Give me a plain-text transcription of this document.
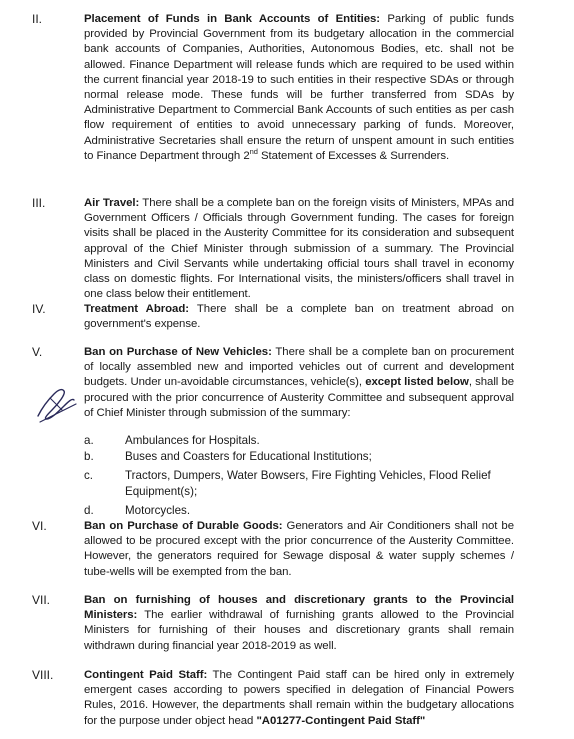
II.	Placement of Funds in Bank Accounts of Entities: Parking of public funds provided by Provincial Government from its budgetary allocation in the commercial bank accounts of Companies, Authorities, Autonomous Bodies, etc. shall not be allowed. Finance Department will release funds which are required to be used within the current financial year 2018-19 to such entities in their respective SDAs or through normal release mode. These funds will be further transferred from SDAs by Administrative Department to Commercial Bank Accounts of such entities as per cash flow requirement of entities to avoid unnecessary parking of funds. Moreover, Administrative Secretaries shall ensure the return of unspent amount in such entities to Finance Department through 2nd Statement of Excesses & Surrenders.
III.	Air Travel: There shall be a complete ban on the foreign visits of Ministers, MPAs and Government Officers / Officials through Government funding. The cases for foreign visits shall be placed in the Austerity Committee for its consideration and subsequent approval of the Chief Minister through submission of a summary. The Provincial Ministers and Civil Servants while undertaking official tours shall travel in economy class on domestic flights. For International visits, the ministers/officers shall travel in one class below their entitlement.
IV.	Treatment Abroad: There shall be a complete ban on treatment abroad on government's expense.
V.	Ban on Purchase of New Vehicles: There shall be a complete ban on procurement of locally assembled new and imported vehicles out of current and development budgets. Under un-avoidable circumstances, vehicle(s), except listed below, shall be procured with the prior concurrence of Austerity Committee and subsequent approval of Chief Minister through submission of the summary:
a.	Ambulances for Hospitals.
b.	Buses and Coasters for Educational Institutions;
c.	Tractors, Dumpers, Water Bowsers, Fire Fighting Vehicles, Flood Relief Equipment(s);
d.	Motorcycles.
VI.	Ban on Purchase of Durable Goods: Generators and Air Conditioners shall not be allowed to be procured except with the prior concurrence of the Austerity Committee. However, the generators required for Sewage disposal & water supply schemes / tube-wells will be exempted from the ban.
VII.	Ban on furnishing of houses and discretionary grants to the Provincial Ministers: The earlier withdrawal of furnishing grants allowed to the Provincial Ministers for furnishing of their houses and discretionary grants shall remain withdrawn during financial year 2018-2019 as well.
VIII.	Contingent Paid Staff: The Contingent Paid staff can be hired only in extremely emergent cases according to powers specified in delegation of Financial Powers Rules, 2016. However, the departments shall remain within the budgetary allocations for the purpose under object head "A01277-Contingent Paid Staff"
